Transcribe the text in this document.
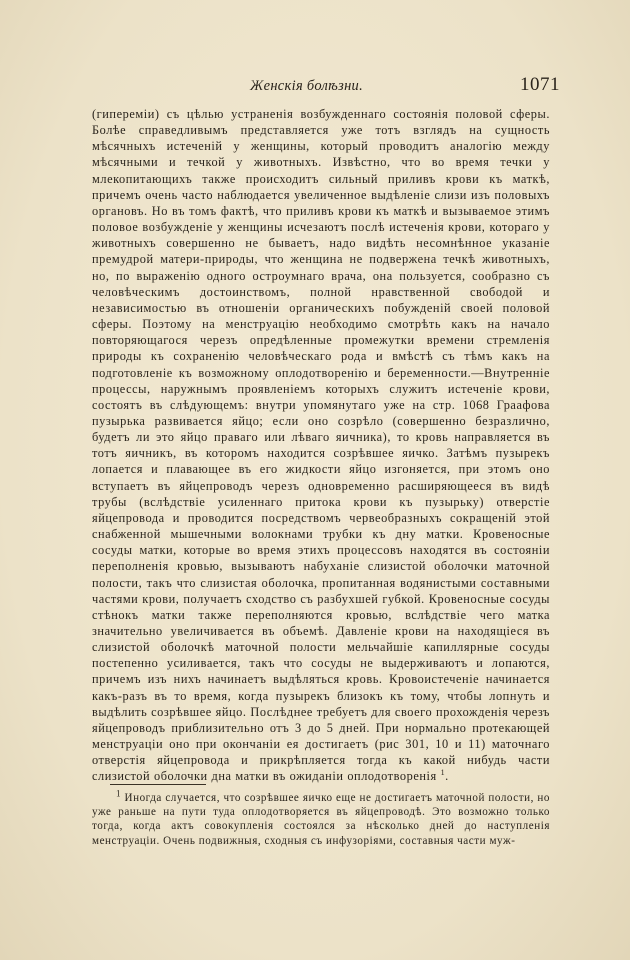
Женскія болѣзни.	1071

(гипереміи) съ цѣлью устраненія возбужденнаго состоянія половой сферы. Болѣе справедливымъ представляется уже тотъ взглядъ на сущность мѣсячныхъ истеченій у женщины, который проводитъ аналогію между мѣсячными и течкой у животныхъ. Извѣстно, что во время течки у млекопитающихъ также происходитъ сильный приливъ крови къ маткѣ, причемъ очень часто наблюдается увеличенное выдѣленіе слизи изъ половыхъ органовъ. Но въ томъ фактѣ, что приливъ крови къ маткѣ и вызываемое этимъ половое возбужденіе у женщины исчезаютъ послѣ истеченія крови, котораго у животныхъ совершенно не бываетъ, надо видѣть несомнѣнное указаніе премудрой матери-природы, что женщина не подвержена течкѣ животныхъ, но, по выраженію одного остроумнаго врача, она пользуется, сообразно съ человѣческимъ достоинствомъ, полной нравственной свободой и независимостью въ отношеніи органическихъ побужденій своей половой сферы. Поэтому на менструацію необходимо смотрѣть какъ на начало повторяющагося черезъ опредѣленные промежутки времени стремленія природы къ сохраненію человѣческаго рода и вмѣстѣ съ тѣмъ какъ на подготовленіе къ возможному оплодотворенію и беременности.—Внутренніе процессы, наружнымъ проявленіемъ которыхъ служитъ истеченіе крови, состоятъ въ слѣдующемъ: внутри упомянутаго уже на стр. 1068 Граафова пузырька развивается яйцо; если оно созрѣло (совершенно безразлично, будетъ ли это яйцо праваго или лѣваго яичника), то кровь направляется въ тотъ яичникъ, въ которомъ находится созрѣвшее яичко. Затѣмъ пузырекъ лопается и плавающее въ его жидкости яйцо изгоняется, при этомъ оно вступаетъ въ яйцепроводъ черезъ одновременно расширяющееся въ видѣ трубы (вслѣдствіе усиленнаго притока крови къ пузырьку) отверстіе яйцепровода и проводится посредствомъ червеобразныхъ сокращеній этой снабженной мышечными волокнами трубки къ дну матки. Кровеносные сосуды матки, которые во время этихъ процессовъ находятся въ состояніи переполненія кровью, вызываютъ набуханіе слизистой оболочки маточной полости, такъ что слизистая оболочка, пропитанная водянистыми составными частями крови, получаетъ сходство съ разбухшей губкой. Кровеносные сосуды стѣнокъ матки также переполняются кровью, вслѣдствіе чего матка значительно увеличивается въ объемѣ. Давленіе крови на находящіеся въ слизистой оболочкѣ маточной полости мельчайшіе капиллярные сосуды постепенно усиливается, такъ что сосуды не выдерживаютъ и лопаются, причемъ изъ нихъ начинаетъ выдѣляться кровь. Кровоистеченіе начинается какъ-разъ въ то время, когда пузырекъ близокъ къ тому, чтобы лопнуть и выдѣлить созрѣвшее яйцо. Послѣднее требуетъ для своего прохожденія черезъ яйцепроводъ приблизительно отъ 3 до 5 дней. При нормально протекающей менструаціи оно при окончаніи ея достигаетъ (рис 301, 10 и 11) маточнаго отверстія яйцепровода и прикрѣпляется тогда къ какой нибудь части слизистой оболочки дна матки въ ожиданіи оплодотворенія $^1$.

$^1$ Иногда случается, что созрѣвшее яичко еще не достигаетъ маточной полости, но уже раньше на пути туда оплодотворяется въ яйцепроводѣ. Это возможно только тогда, когда актъ совокупленія состоялся за нѣсколько дней до наступленія менструаціи. Очень подвижныя, сходныя съ инфузоріями, составныя части муж-
